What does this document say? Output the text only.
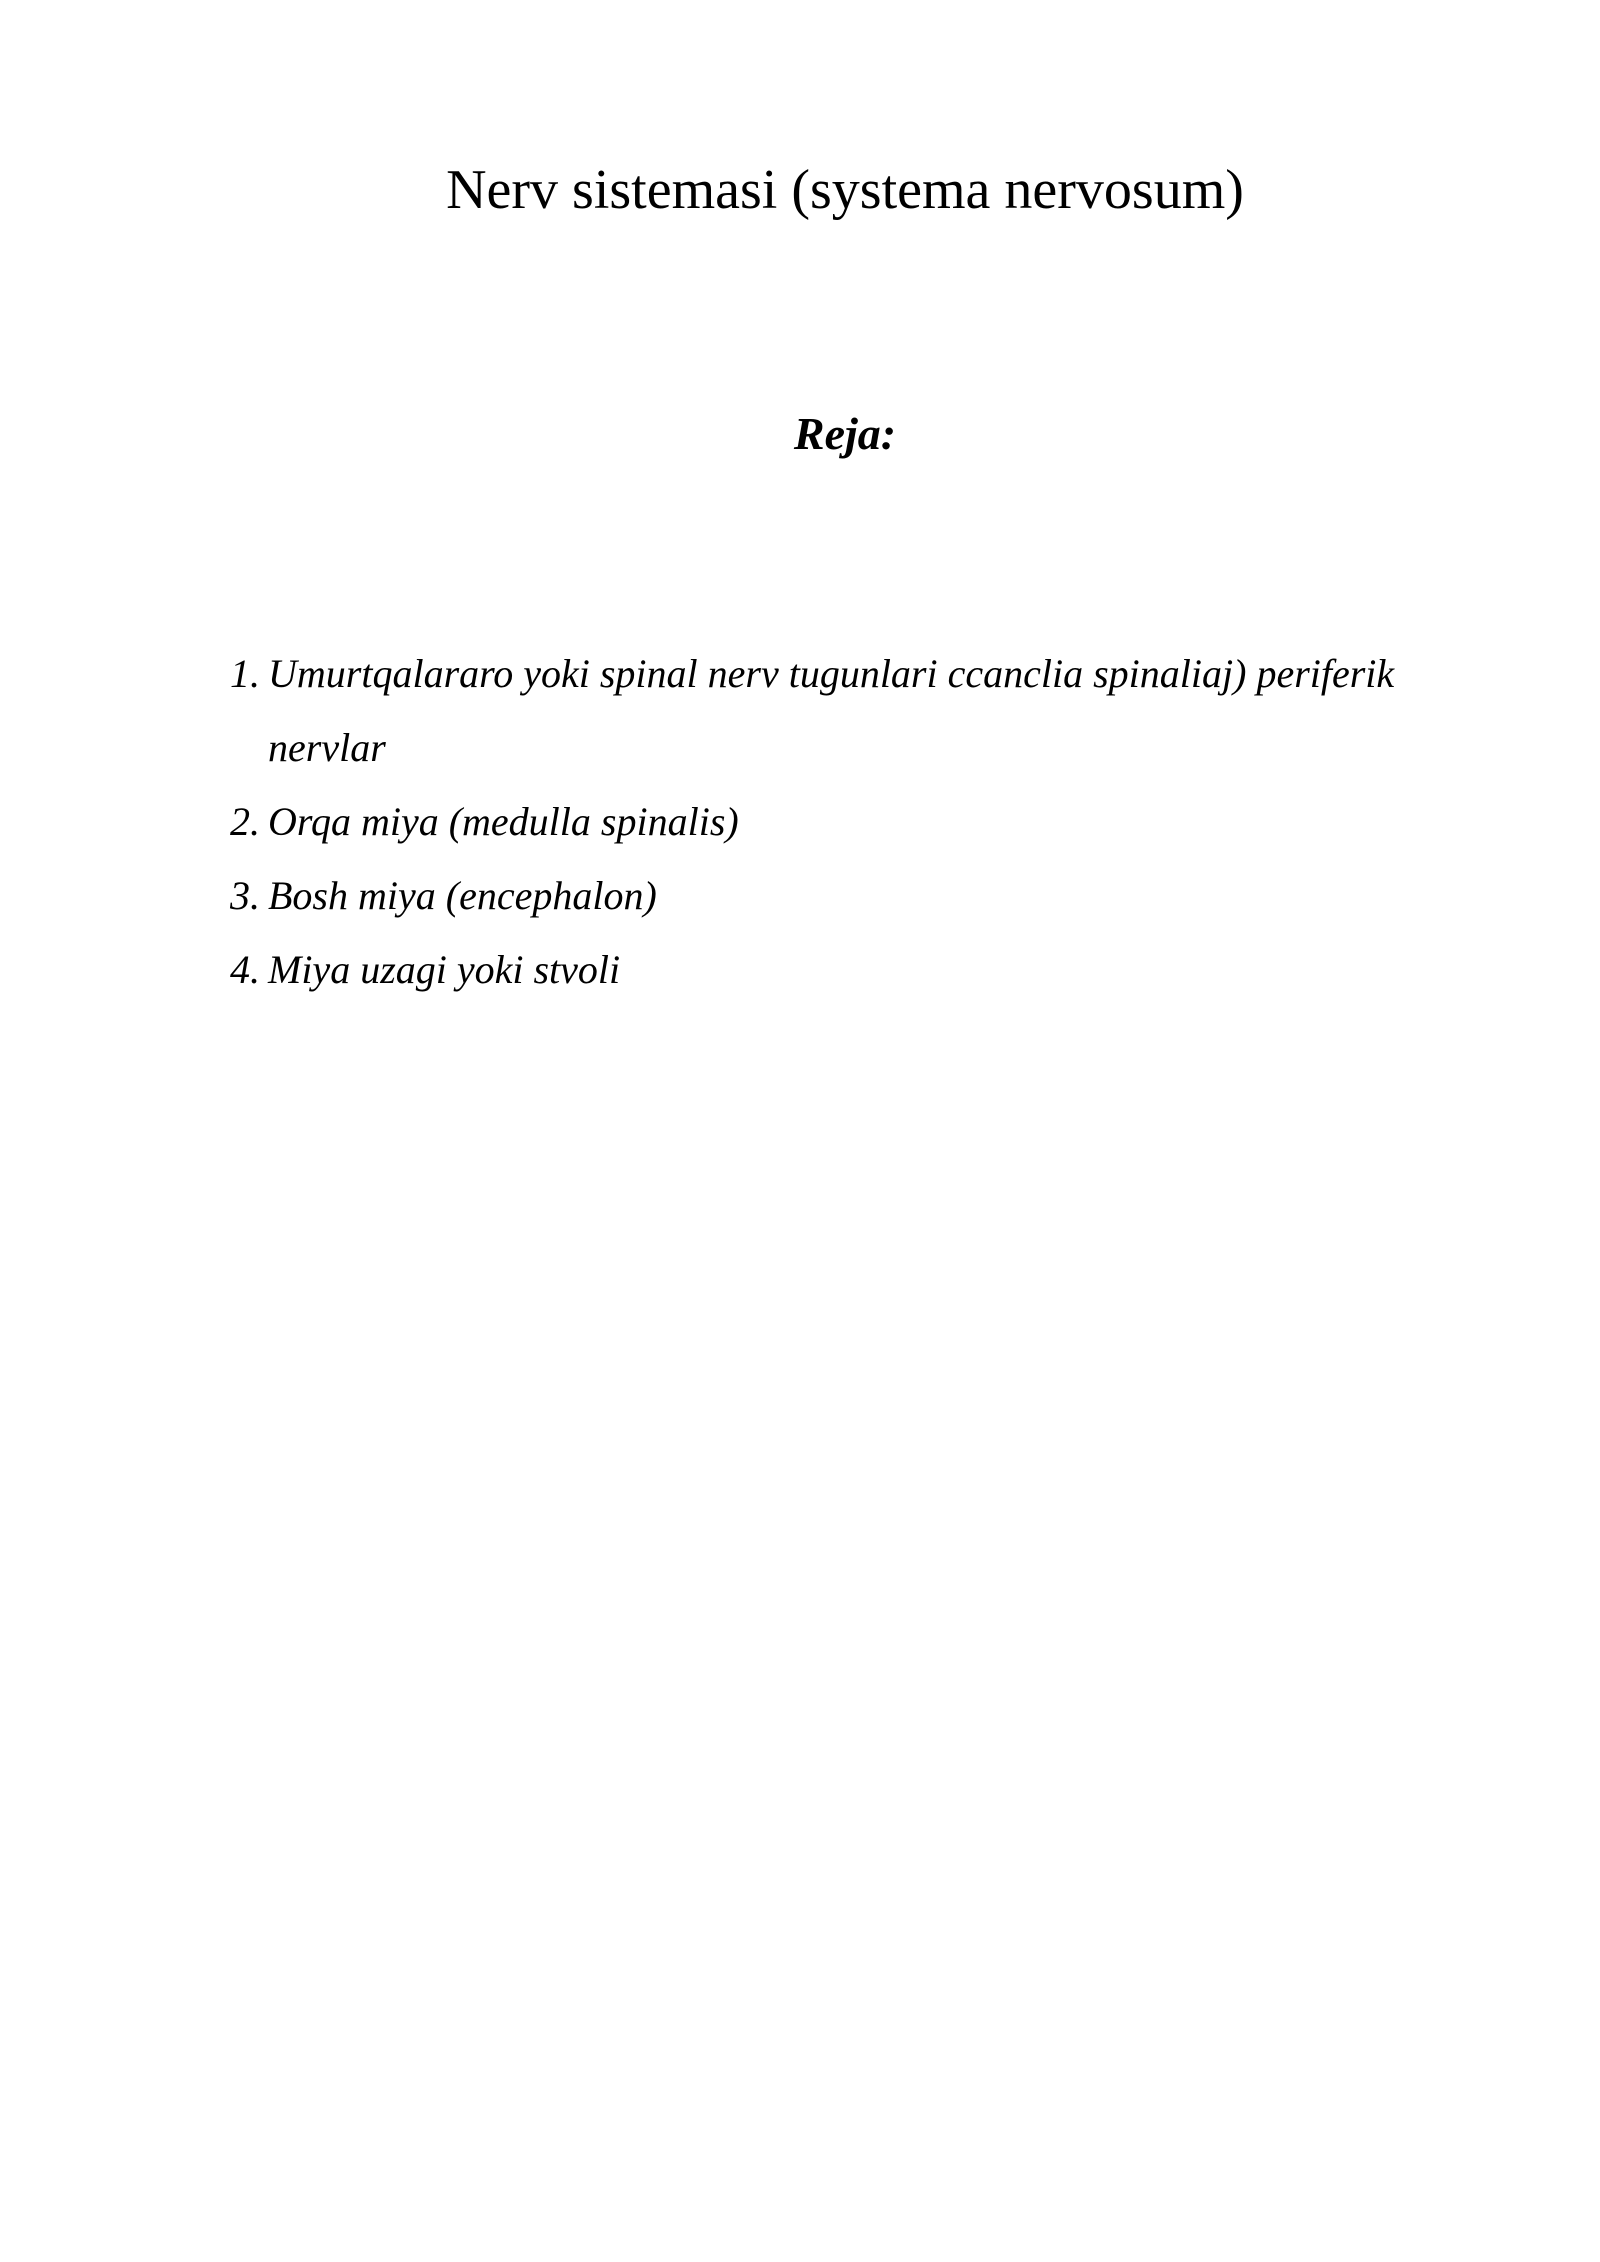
Nerv sistemasi (systema nervosum)
Reja:
1. Umurtqalararo yoki spinal nerv tugunlari ccanclia spinaliaj) periferik
nervlar
2. Orqa miya (medulla spinalis)
3. Bosh miya (encephalon)
4. Miya uzagi yoki stvoli
